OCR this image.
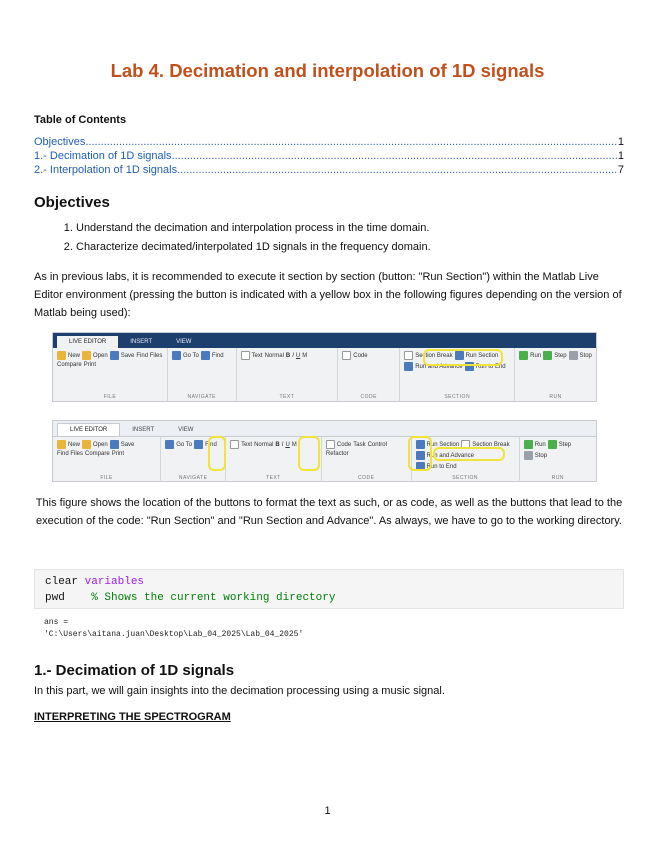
Lab 4. Decimation and interpolation of 1D signals
Table of Contents
Objectives .....	1
1.- Decimation of 1D signals .....	1
2.- Interpolation of 1D signals .....	7
Objectives
1. Understand the decimation and interpolation process in the time domain.
2. Characterize decimated/interpolated 1D signals in the frequency domain.
As in previous labs, it is recommended to execute it section by section (button: "Run Section") within the Matlab Live Editor environment (pressing the button is indicated with a yellow box in the following figures depending on the version of Matlab being used):
LIVE EDITOR	INSERT	VIEW
New Open Save Find Files
Compare Print
FILE
Go To Find
NAVIGATE
Text Normal B I U M
TEXT
Code
CODE
Section Break Run Section
Run and Advance Run to End
SECTION
Run Step Stop
RUN
LIVE EDITOR	INSERT	VIEW
New Open Save
Find Files Compare Print
FILE
Go To Find
NAVIGATE
Text Normal B I U M
TEXT
Code Task Control
Refactor
CODE
Run Section Section Break
Run and Advance
Run to End
SECTION
Run Step
Stop
RUN
This figure shows the location of the buttons to format the text as such, or as code, as well as the buttons that lead to the execution of the code: "Run Section" and "Run Section and Advance". As always, we have to go to the working directory.
clear variables
pwd % Shows the current working directory
ans =
'C:\Users\aitana.juan\Desktop\Lab_04_2025\Lab_04_2025'
1.- Decimation of 1D signals
In this part, we will gain insights into the decimation processing using a music signal.
INTERPRETING THE SPECTROGRAM
1
